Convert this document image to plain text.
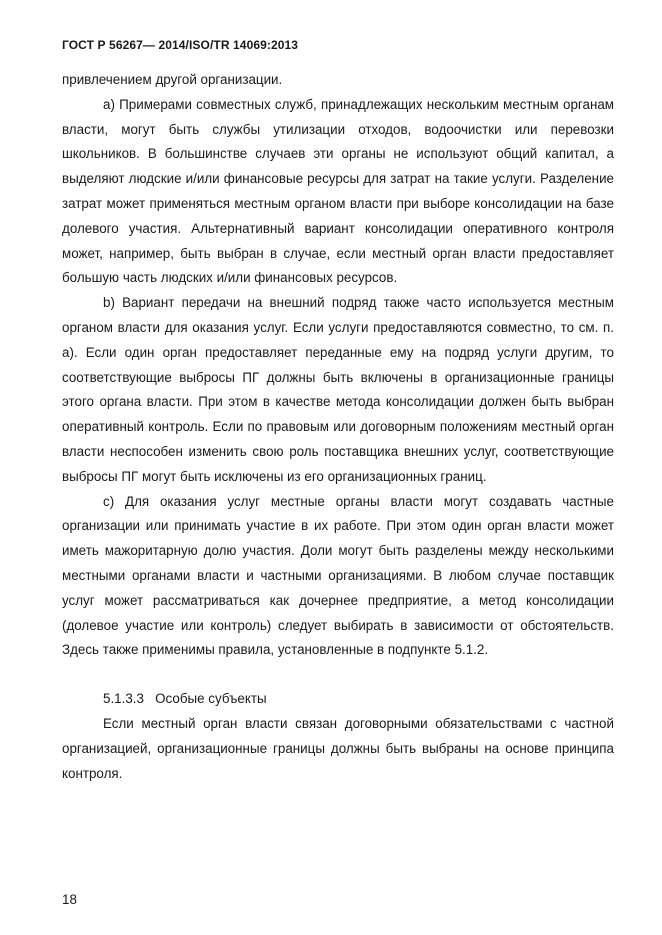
ГОСТ Р 56267— 2014/ISO/TR 14069:2013

привлечением другой организации.

а) Примерами совместных служб, принадлежащих нескольким местным органам власти, могут быть службы утилизации отходов, водоочистки или перевозки школьников. В большинстве случаев эти органы не используют общий капитал, а выделяют людские и/или финансовые ресурсы для затрат на такие услуги. Разделение затрат может применяться местным органом власти при выборе консолидации на базе долевого участия. Альтернативный вариант консолидации оперативного контроля может, например, быть выбран в случае, если местный орган власти предоставляет большую часть людских и/или финансовых ресурсов.

b) Вариант передачи на внешний подряд также часто используется местным органом власти для оказания услуг. Если услуги предоставляются совместно, то см. п. а). Если один орган предоставляет переданные ему на подряд услуги другим, то соответствующие выбросы ПГ должны быть включены в организационные границы этого органа власти. При этом в качестве метода консолидации должен быть выбран оперативный контроль. Если по правовым или договорным положениям местный орган власти неспособен изменить свою роль поставщика внешних услуг, соответствующие выбросы ПГ могут быть исключены из его организационных границ.

с) Для оказания услуг местные органы власти могут создавать частные организации или принимать участие в их работе. При этом один орган власти может иметь мажоритарную долю участия. Доли могут быть разделены между несколькими местными органами власти и частными организациями. В любом случае поставщик услуг может рассматриваться как дочернее предприятие, а метод консолидации (долевое участие или контроль) следует выбирать в зависимости от обстоятельств. Здесь также применимы правила, установленные в подпункте 5.1.2.

5.1.3.3   Особые субъекты

Если местный орган власти связан договорными обязательствами с частной организацией, организационные границы должны быть выбраны на основе принципа контроля.

18
